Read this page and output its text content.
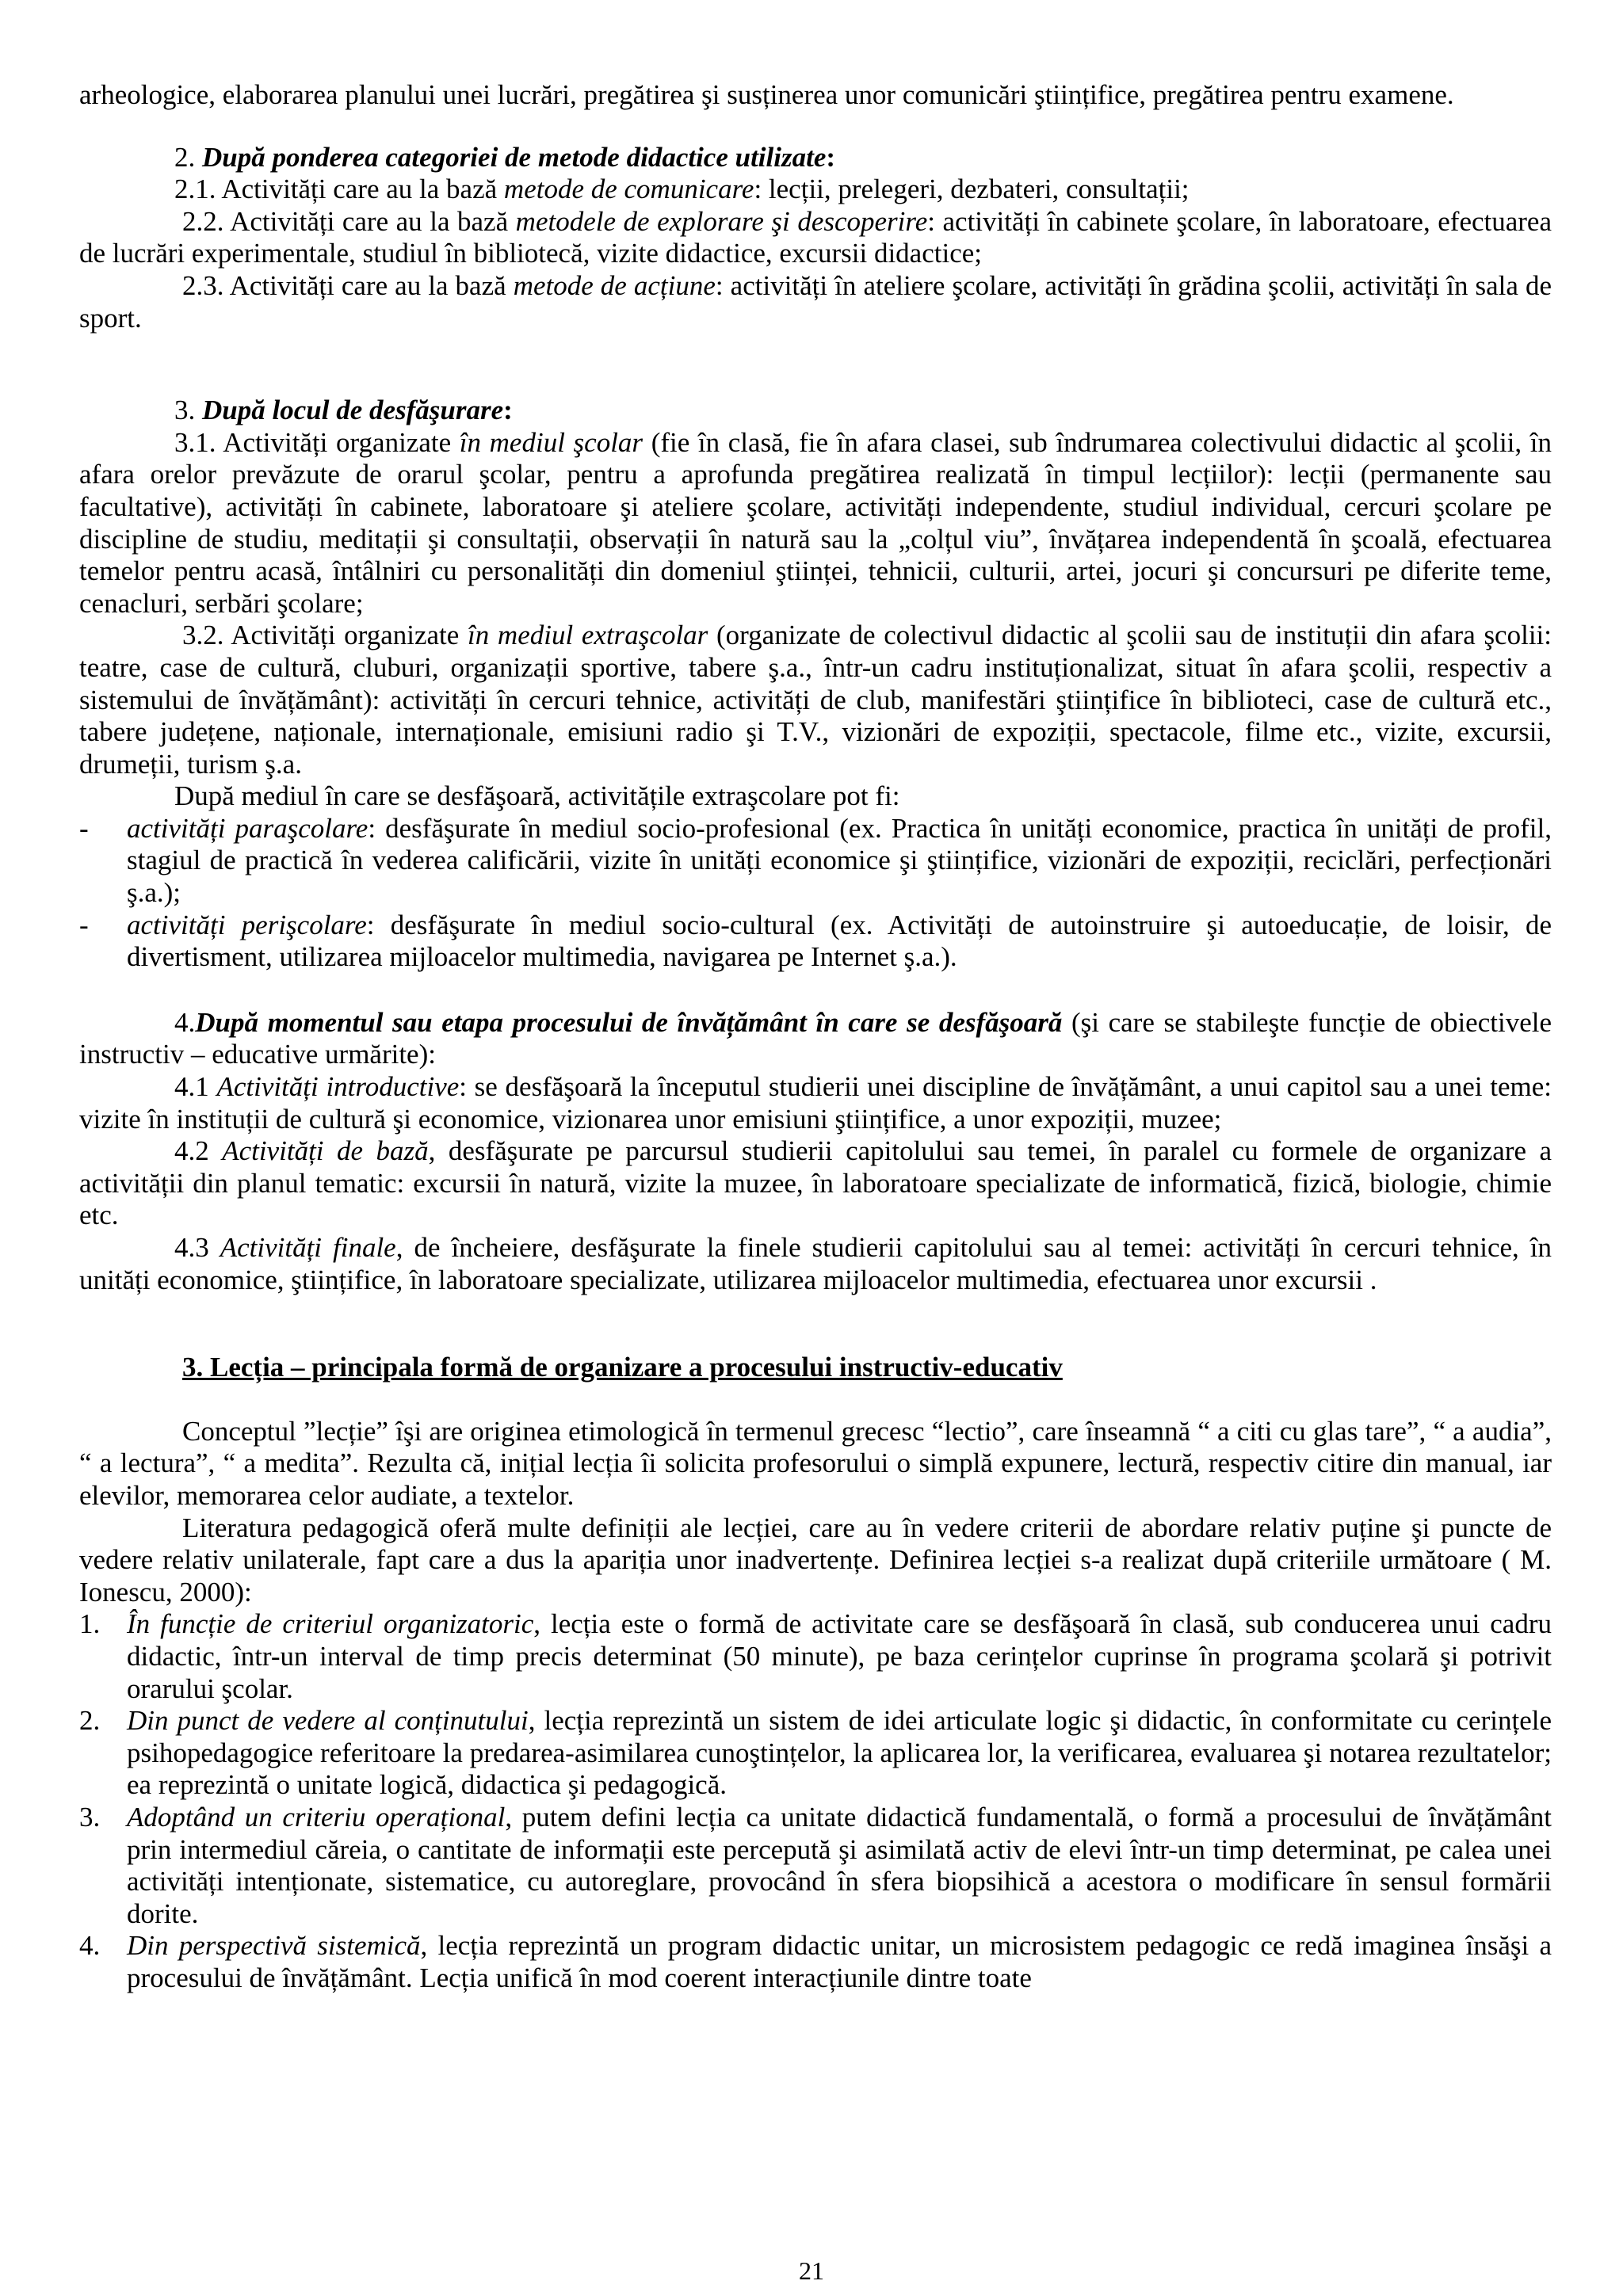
arheologice, elaborarea planului unei lucrări, pregătirea şi susținerea unor comunicări ştiințifice, pregătirea pentru examene.

2. După ponderea categoriei de metode didactice utilizate:

2.1. Activități care au la bază metode de comunicare: lecții, prelegeri, dezbateri, consultații;

2.2. Activități care au la bază metodele de explorare şi descoperire: activități în cabinete şcolare, în laboratoare, efectuarea de lucrări experimentale, studiul în bibliotecă, vizite didactice, excursii didactice;

2.3. Activități care au la bază metode de acțiune: activități în ateliere şcolare, activități în grădina şcolii, activități în sala de sport.

3. După locul de desfăşurare:

3.1. Activități organizate în mediul şcolar (fie în clasă, fie în afara clasei, sub îndrumarea colectivului didactic al şcolii, în afara orelor prevăzute de orarul şcolar, pentru a aprofunda pregătirea realizată în timpul lecțiilor): lecții (permanente sau facultative), activități în cabinete, laboratoare şi ateliere şcolare, activități independente, studiul individual, cercuri şcolare pe discipline de studiu, meditații şi consultații, observații în natură sau la „colțul viu”, învățarea independentă în şcoală, efectuarea temelor pentru acasă, întâlniri cu personalități din domeniul ştiinței, tehnicii, culturii, artei, jocuri şi concursuri pe diferite teme, cenacluri, serbări şcolare;

3.2. Activități organizate în mediul extraşcolar (organizate de colectivul didactic al şcolii sau de instituții din afara şcolii: teatre, case de cultură, cluburi, organizații sportive, tabere ş.a., într-un cadru instituționalizat, situat în afara şcolii, respectiv a sistemului de învățământ): activități în cercuri tehnice, activități de club, manifestări ştiințifice în biblioteci, case de cultură etc., tabere județene, naționale, internaționale, emisiuni radio şi T.V., vizionări de expoziții, spectacole, filme etc., vizite, excursii, drumeții, turism ş.a.

După mediul în care se desfăşoară, activitățile extraşcolare pot fi:

- activități paraşcolare: desfăşurate în mediul socio-profesional (ex. Practica în unități economice, practica în unități de profil, stagiul de practică în vederea calificării, vizite în unități economice şi ştiințifice, vizionări de expoziții, reciclări, perfecționări ş.a.);

- activități perişcolare: desfăşurate în mediul socio-cultural (ex. Activități de autoinstruire şi autoeducație, de loisir, de divertisment, utilizarea mijloacelor multimedia, navigarea pe Internet ş.a.).

4.După momentul sau etapa procesului de învățământ în care se desfăşoară (şi care se stabileşte funcție de obiectivele instructiv – educative urmărite):

4.1 Activități introductive: se desfăşoară la începutul studierii unei discipline de învățământ, a unui capitol sau a unei teme: vizite în instituții de cultură şi economice, vizionarea unor emisiuni ştiințifice, a unor expoziții, muzee;

4.2 Activități de bază, desfăşurate pe parcursul studierii capitolului sau temei, în paralel cu formele de organizare a activității din planul tematic: excursii în natură, vizite la muzee, în laboratoare specializate de informatică, fizică, biologie, chimie etc.

4.3 Activități finale, de încheiere, desfăşurate la finele studierii capitolului sau al temei: activități în cercuri tehnice, în unități economice, ştiințifice, în laboratoare specializate, utilizarea mijloacelor multimedia, efectuarea unor excursii .

3. Lecția – principala formă de organizare a procesului instructiv-educativ

Conceptul ”lecție” îşi are originea etimologică în termenul grecesc “lectio”, care înseamnă “ a citi cu glas tare”, “ a audia”, “ a lectura”, “ a medita”. Rezulta că, inițial lecția îi solicita profesorului o simplă expunere, lectură, respectiv citire din manual, iar elevilor, memorarea celor audiate, a textelor.

Literatura pedagogică oferă multe definiții ale lecției, care au în vedere criterii de abordare relativ puține şi puncte de vedere relativ unilaterale, fapt care a dus la apariția unor inadvertențe. Definirea lecției s-a realizat după criteriile următoare ( M. Ionescu, 2000):

1. În funcție de criteriul organizatoric, lecția este o formă de activitate care se desfăşoară în clasă, sub conducerea unui cadru didactic, într-un interval de timp precis determinat (50 minute), pe baza cerințelor cuprinse în programa şcolară şi potrivit orarului şcolar.
2. Din punct de vedere al conținutului, lecția reprezintă un sistem de idei articulate logic şi didactic, în conformitate cu cerințele psihopedagogice referitoare la predarea-asimilarea cunoştințelor, la aplicarea lor, la verificarea, evaluarea şi notarea rezultatelor; ea reprezintă o unitate logică, didactica şi pedagogică.
3. Adoptând un criteriu operațional, putem defini lecția ca unitate didactică fundamentală, o formă a procesului de învățământ prin intermediul căreia, o cantitate de informații este percepută şi asimilată activ de elevi într-un timp determinat, pe calea unei activități intenționate, sistematice, cu autoreglare, provocând în sfera biopsihică a acestora o modificare în sensul formării dorite.
4. Din perspectivă sistemică, lecția reprezintă un program didactic unitar, un microsistem pedagogic ce redă imaginea însăşi a procesului de învățământ. Lecția unifică în mod coerent interacțiunile dintre toate
21
